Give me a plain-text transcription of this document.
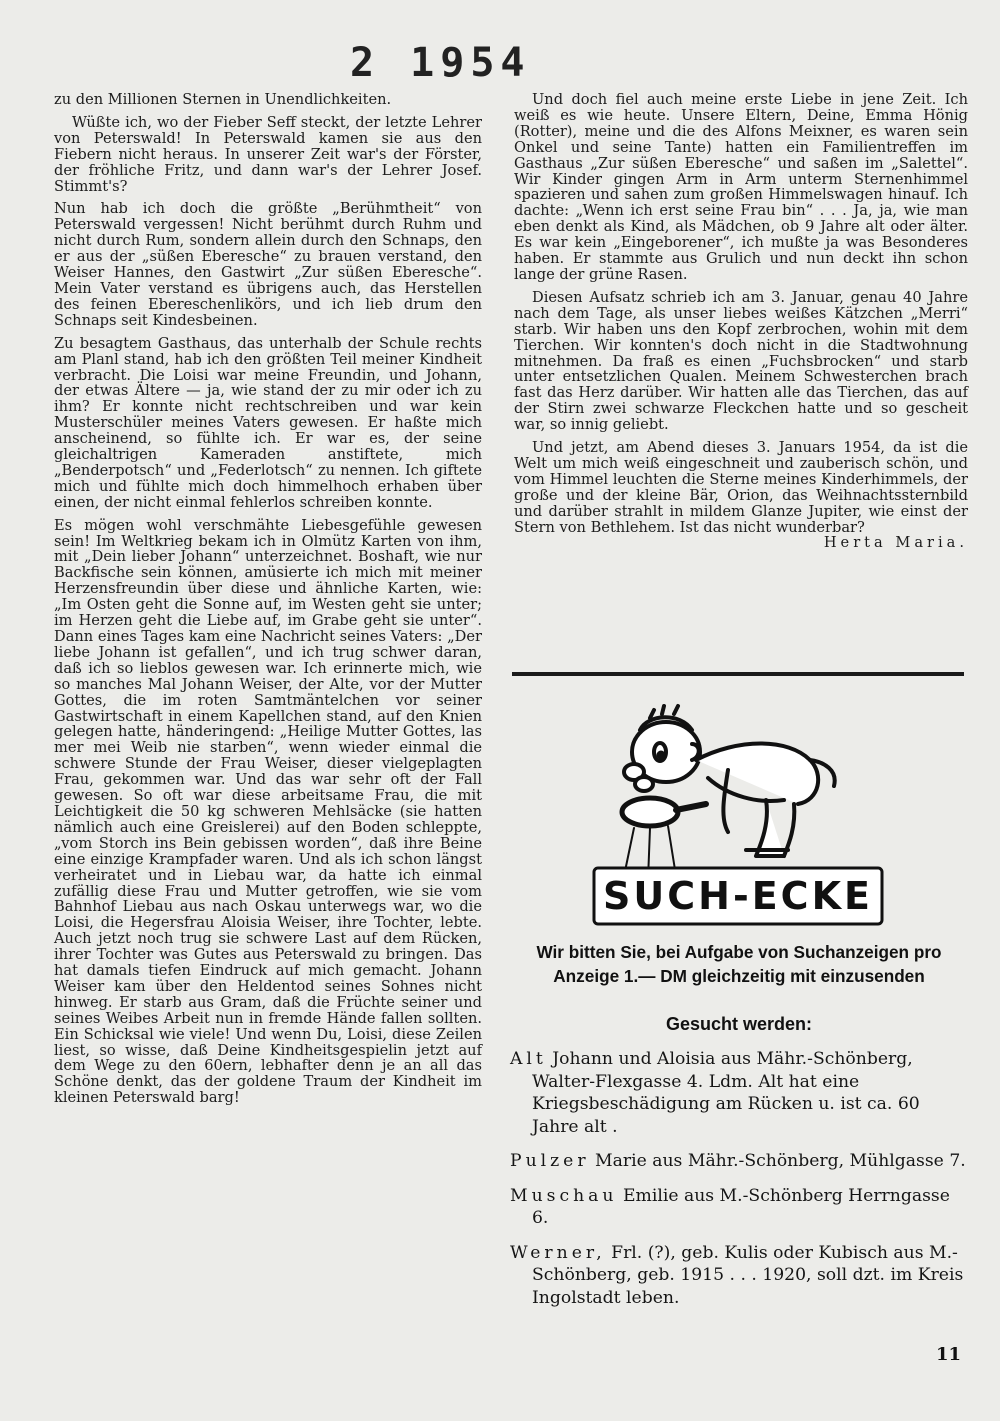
2 1954

zu den Millionen Sternen in Unendlichkeiten.

Wüßte ich, wo der Fieber Seff steckt, der letzte Lehrer von Peterswald! In Peterswald kamen sie aus den Fiebern nicht heraus. In unserer Zeit war's der Förster, der fröhliche Fritz, und dann war's der Lehrer Josef. Stimmt's?

Nun hab ich doch die größte „Berühmtheit“ von Peterswald vergessen! Nicht berühmt durch Ruhm und nicht durch Rum, sondern allein durch den Schnaps, den er aus der „süßen Eberesche“ zu brauen verstand, den Weiser Hannes, den Gastwirt „Zur süßen Eberesche“. Mein Vater verstand es übrigens auch, das Herstellen des feinen Ebereschenlikörs, und ich lieb drum den Schnaps seit Kindesbeinen.

Zu besagtem Gasthaus, das unterhalb der Schule rechts am Planl stand, hab ich den größten Teil meiner Kindheit verbracht. Die Loisi war meine Freundin, und Johann, der etwas Ältere — ja, wie stand der zu mir oder ich zu ihm? Er konnte nicht rechtschreiben und war kein Musterschüler meines Vaters gewesen. Er haßte mich anscheinend, so fühlte ich. Er war es, der seine gleichaltrigen Kameraden anstiftete, mich „Benderpotsch“ und „Federlotsch“ zu nennen. Ich giftete mich und fühlte mich doch himmelhoch erhaben über einen, der nicht einmal fehlerlos schreiben konnte.

Es mögen wohl verschmähte Liebesgefühle gewesen sein! Im Weltkrieg bekam ich in Olmütz Karten von ihm, mit „Dein lieber Johann“ unterzeichnet. Boshaft, wie nur Backfische sein können, amüsierte ich mich mit meiner Herzensfreundin über diese und ähnliche Karten, wie: „Im Osten geht die Sonne auf, im Westen geht sie unter; im Herzen geht die Liebe auf, im Grabe geht sie unter“. Dann eines Tages kam eine Nachricht seines Vaters: „Der liebe Johann ist gefallen“, und ich trug schwer daran, daß ich so lieblos gewesen war. Ich erinnerte mich, wie so manches Mal Johann Weiser, der Alte, vor der Mutter Gottes, die im roten Samtmäntelchen vor seiner Gastwirtschaft in einem Kapellchen stand, auf den Knien gelegen hatte, händeringend: „Heilige Mutter Gottes, las mer mei Weib nie starben“, wenn wieder einmal die schwere Stunde der Frau Weiser, dieser vielgeplagten Frau, gekommen war. Und das war sehr oft der Fall gewesen. So oft war diese arbeitsame Frau, die mit Leichtigkeit die 50 kg schweren Mehlsäcke (sie hatten nämlich auch eine Greislerei) auf den Boden schleppte, „vom Storch ins Bein gebissen worden“, daß ihre Beine eine einzige Krampfader waren. Und als ich schon längst verheiratet und in Liebau war, da hatte ich einmal zufällig diese Frau und Mutter getroffen, wie sie vom Bahnhof Liebau aus nach Oskau unterwegs war, wo die Loisi, die Hegersfrau Aloisia Weiser, ihre Tochter, lebte. Auch jetzt noch trug sie schwere Last auf dem Rücken, ihrer Tochter was Gutes aus Peterswald zu bringen. Das hat damals tiefen Eindruck auf mich gemacht. Johann Weiser kam über den Heldentod seines Sohnes nicht hinweg. Er starb aus Gram, daß die Früchte seiner und seines Weibes Arbeit nun in fremde Hände fallen sollten. Ein Schicksal wie viele! Und wenn Du, Loisi, diese Zeilen liest, so wisse, daß Deine Kindheitsgespielin jetzt auf dem Wege zu den 60ern, lebhafter denn je an all das Schöne denkt, das der goldene Traum der Kindheit im kleinen Peterswald barg!

Und doch fiel auch meine erste Liebe in jene Zeit. Ich weiß es wie heute. Unsere Eltern, Deine, Emma Hönig (Rotter), meine und die des Alfons Meixner, es waren sein Onkel und seine Tante) hatten ein Familientreffen im Gasthaus „Zur süßen Eberesche“ und saßen im „Salettel“. Wir Kinder gingen Arm in Arm unterm Sternenhimmel spazieren und sahen zum großen Himmelswagen hinauf. Ich dachte: „Wenn ich erst seine Frau bin“ . . . Ja, ja, wie man eben denkt als Kind, als Mädchen, ob 9 Jahre alt oder älter. Es war kein „Eingeborener“, ich mußte ja was Besonderes haben. Er stammte aus Grulich und nun deckt ihn schon lange der grüne Rasen.

Diesen Aufsatz schrieb ich am 3. Januar, genau 40 Jahre nach dem Tage, als unser liebes weißes Kätzchen „Merri“ starb. Wir haben uns den Kopf zerbrochen, wohin mit dem Tierchen. Wir konnten's doch nicht in die Stadtwohnung mitnehmen. Da fraß es einen „Fuchsbrocken“ und starb unter entsetzlichen Qualen. Meinem Schwesterchen brach fast das Herz darüber. Wir hatten alle das Tierchen, das auf der Stirn zwei schwarze Fleckchen hatte und so gescheit war, so innig geliebt.

Und jetzt, am Abend dieses 3. Januars 1954, da ist die Welt um mich weiß eingeschneit und zauberisch schön, und vom Himmel leuchten die Sterne meines Kinderhimmels, der große und der kleine Bär, Orion, das Weihnachtssternbild und darüber strahlt in mildem Glanze Jupiter, wie einst der Stern von Bethlehem. Ist das nicht wunderbar?
Herta Maria.

SUCH-ECKE
Wir bitten Sie, bei Aufgabe von Suchanzeigen pro Anzeige 1.— DM gleichzeitig mit einzusenden
Gesucht werden:

Alt Johann und Aloisia aus Mähr.-Schönberg, Walter-Flexgasse 4. Ldm. Alt hat eine Kriegsbeschädigung am Rücken u. ist ca. 60 Jahre alt .

Pulzer Marie aus Mähr.-Schönberg, Mühlgasse 7.

Muschau Emilie aus M.-Schönberg Herrngasse 6.

Werner, Frl. (?), geb. Kulis oder Kubisch aus M.-Schönberg, geb. 1915 . . . 1920, soll dzt. im Kreis Ingolstadt leben.

11
